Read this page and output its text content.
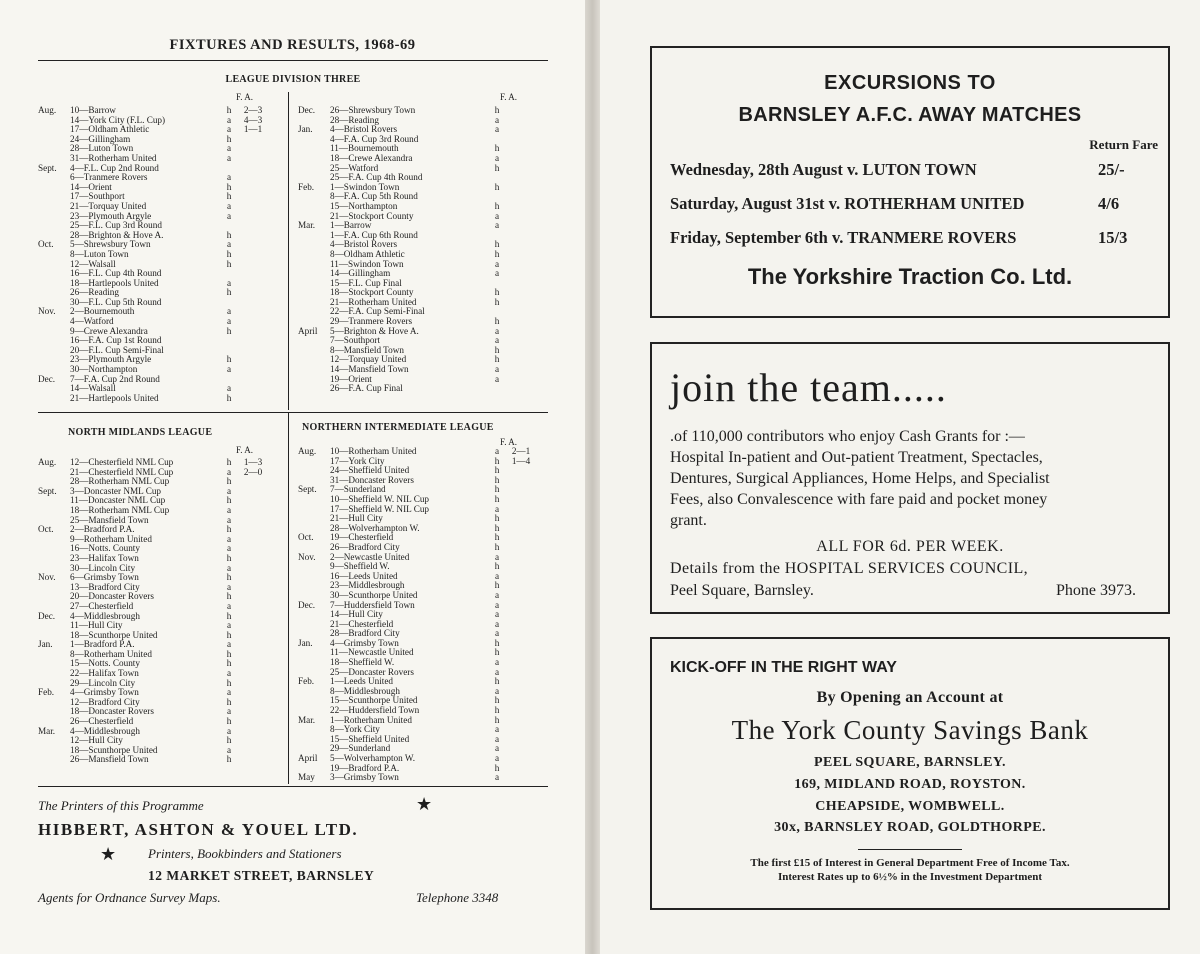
FIXTURES AND RESULTS, 1968-69
LEAGUE DIVISION THREE
F. A.	F. A.
Aug.	10—Barrow	h	2—3
14—York City (F.L. Cup)	a	4—3
17—Oldham Athletic	a	1—1
24—Gillingham	h
28—Luton Town	a
31—Rotherham United	a
Sept.	4—F.L. Cup 2nd Round
6—Tranmere Rovers	a
14—Orient	h
17—Southport	h
21—Torquay United	a
23—Plymouth Argyle	a
25—F.L. Cup 3rd Round
28—Brighton & Hove A.	h
Oct.	5—Shrewsbury Town	a
8—Luton Town	h
12—Walsall	h
16—F.L. Cup 4th Round
18—Hartlepools United	a
26—Reading	h
30—F.L. Cup 5th Round
Nov.	2—Bournemouth	a
4—Watford	a
9—Crewe Alexandra	h
16—F.A. Cup 1st Round
20—F.L. Cup Semi-Final
23—Plymouth Argyle	h
30—Northampton	a
Dec.	7—F.A. Cup 2nd Round
14—Walsall	a
21—Hartlepools United	h
Dec.	26—Shrewsbury Town	h
28—Reading	a
Jan.	4—Bristol Rovers	a
4—F.A. Cup 3rd Round
11—Bournemouth	h
18—Crewe Alexandra	a
25—Watford	h
25—F.A. Cup 4th Round
Feb.	1—Swindon Town	h
8—F.A. Cup 5th Round
15—Northampton	h
21—Stockport County	a
Mar.	1—Barrow	a
1—F.A. Cup 6th Round
4—Bristol Rovers	h
8—Oldham Athletic	h
11—Swindon Town	a
14—Gillingham	a
15—F.L. Cup Final
18—Stockport County	h
21—Rotherham United	h
22—F.A. Cup Semi-Final
29—Tranmere Rovers	h
April	5—Brighton & Hove A.	a
7—Southport	a
8—Mansfield Town	h
12—Torquay United	h
14—Mansfield Town	a
19—Orient	a
26—F.A. Cup Final
NORTH MIDLANDS LEAGUE
F. A.
Aug.	12—Chesterfield NML Cup	h	1—3
21—Chesterfield NML Cup	a	2—0
28—Rotherham NML Cup	h
Sept.	3—Doncaster NML Cup	a
11—Doncaster NML Cup	h
18—Rotherham NML Cup	a
25—Mansfield Town	a
Oct.	2—Bradford P.A.	h
9—Rotherham United	a
16—Notts. County	a
23—Halifax Town	h
30—Lincoln City	a
Nov.	6—Grimsby Town	h
13—Bradford City	a
20—Doncaster Rovers	h
27—Chesterfield	a
Dec.	4—Middlesbrough	h
11—Hull City	a
18—Scunthorpe United	h
Jan.	1—Bradford P.A.	a
8—Rotherham United	h
15—Notts. County	h
22—Halifax Town	a
29—Lincoln City	h
Feb.	4—Grimsby Town	a
12—Bradford City	h
18—Doncaster Rovers	a
26—Chesterfield	h
Mar.	4—Middlesbrough	a
12—Hull City	h
18—Scunthorpe United	a
26—Mansfield Town	h
NORTHERN INTERMEDIATE LEAGUE
F. A.
Aug.	10—Rotherham United	a	2—1
17—York City	h	1—4
24—Sheffield United	h
31—Doncaster Rovers	h
Sept.	7—Sunderland	h
10—Sheffield W. NIL Cup	h
17—Sheffield W. NIL Cup	a
21—Hull City	h
28—Wolverhampton W.	h
Oct.	19—Chesterfield	h
26—Bradford City	h
Nov.	2—Newcastle United	a
9—Sheffield W.	h
16—Leeds United	a
23—Middlesbrough	h
30—Scunthorpe United	a
Dec.	7—Huddersfield Town	a
14—Hull City	a
21—Chesterfield	a
28—Bradford City	a
Jan.	4—Grimsby Town	h
11—Newcastle United	h
18—Sheffield W.	a
25—Doncaster Rovers	a
Feb.	1—Leeds United	h
8—Middlesbrough	a
15—Scunthorpe United	h
22—Huddersfield Town	h
Mar.	1—Rotherham United	h
8—York City	a
15—Sheffield United	a
29—Sunderland	a
April	5—Wolverhampton W.	a
19—Bradford P.A.	h
May	3—Grimsby Town	a
The Printers of this Programme	★
HIBBERT, ASHTON & YOUEL LTD.
★ Printers, Bookbinders and Stationers
12 MARKET STREET, BARNSLEY
Agents for Ordnance Survey Maps.	Telephone 3348
EXCURSIONS TO
BARNSLEY A.F.C. AWAY MATCHES
Return Fare
Wednesday, 28th August v. LUTON TOWN	25/-
Saturday, August 31st v. ROTHERHAM UNITED	4/6
Friday, September 6th v. TRANMERE ROVERS	15/3
The Yorkshire Traction Co. Ltd.
join the team.....
.of 110,000 contributors who enjoy Cash Grants for :—
Hospital In-patient and Out-patient Treatment, Spectacles,
Dentures, Surgical Appliances, Home Helps, and Specialist
Fees, also Convalescence with fare paid and pocket money
grant.
ALL FOR 6d. PER WEEK.
Details from the HOSPITAL SERVICES COUNCIL,
Peel Square, Barnsley.	Phone 3973.
KICK-OFF IN THE RIGHT WAY
By Opening an Account at
The York County Savings Bank
PEEL SQUARE, BARNSLEY.
169, MIDLAND ROAD, ROYSTON.
CHEAPSIDE, WOMBWELL.
30x, BARNSLEY ROAD, GOLDTHORPE.
The first £15 of Interest in General Department Free of Income Tax.
Interest Rates up to 6½% in the Investment Department
